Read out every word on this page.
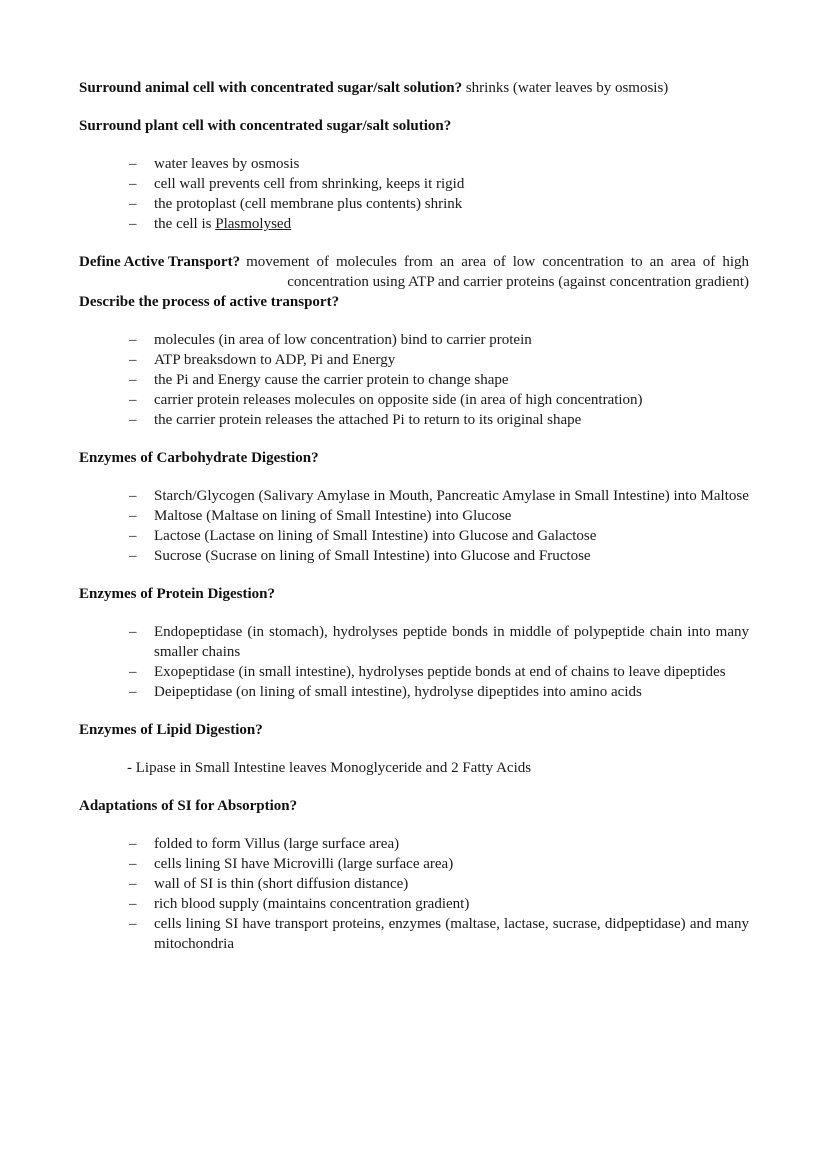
Surround animal cell with concentrated sugar/salt solution? shrinks (water leaves by osmosis)
Surround plant cell with concentrated sugar/salt solution?
– water leaves by osmosis
– cell wall prevents cell from shrinking, keeps it rigid
– the protoplast (cell membrane plus contents) shrink
– the cell is Plasmolysed
Define Active Transport? movement of molecules from an area of low concentration to an area of high concentration using ATP and carrier proteins (against concentration gradient)
Describe the process of active transport?
– molecules (in area of low concentration) bind to carrier protein
– ATP breaksdown to ADP, Pi and Energy
– the Pi and Energy cause the carrier protein to change shape
– carrier protein releases molecules on opposite side (in area of high concentration)
– the carrier protein releases the attached Pi to return to its original shape
Enzymes of Carbohydrate Digestion?
– Starch/Glycogen (Salivary Amylase in Mouth, Pancreatic Amylase in Small Intestine) into Maltose
– Maltose (Maltase on lining of Small Intestine) into Glucose
– Lactose (Lactase on lining of Small Intestine) into Glucose and Galactose
– Sucrose (Sucrase on lining of Small Intestine) into Glucose and Fructose
Enzymes of Protein Digestion?
– Endopeptidase (in stomach), hydrolyses peptide bonds in middle of polypeptide chain into many smaller chains
– Exopeptidase (in small intestine), hydrolyses peptide bonds at end of chains to leave dipeptides
– Deipeptidase (on lining of small intestine), hydrolyse dipeptides into amino acids
Enzymes of Lipid Digestion?
- Lipase in Small Intestine leaves Monoglyceride and 2 Fatty Acids
Adaptations of SI for Absorption?
– folded to form Villus (large surface area)
– cells lining SI have Microvilli (large surface area)
– wall of SI is thin (short diffusion distance)
– rich blood supply (maintains concentration gradient)
– cells lining SI have transport proteins, enzymes (maltase, lactase, sucrase, didpeptidase) and many mitochondria
